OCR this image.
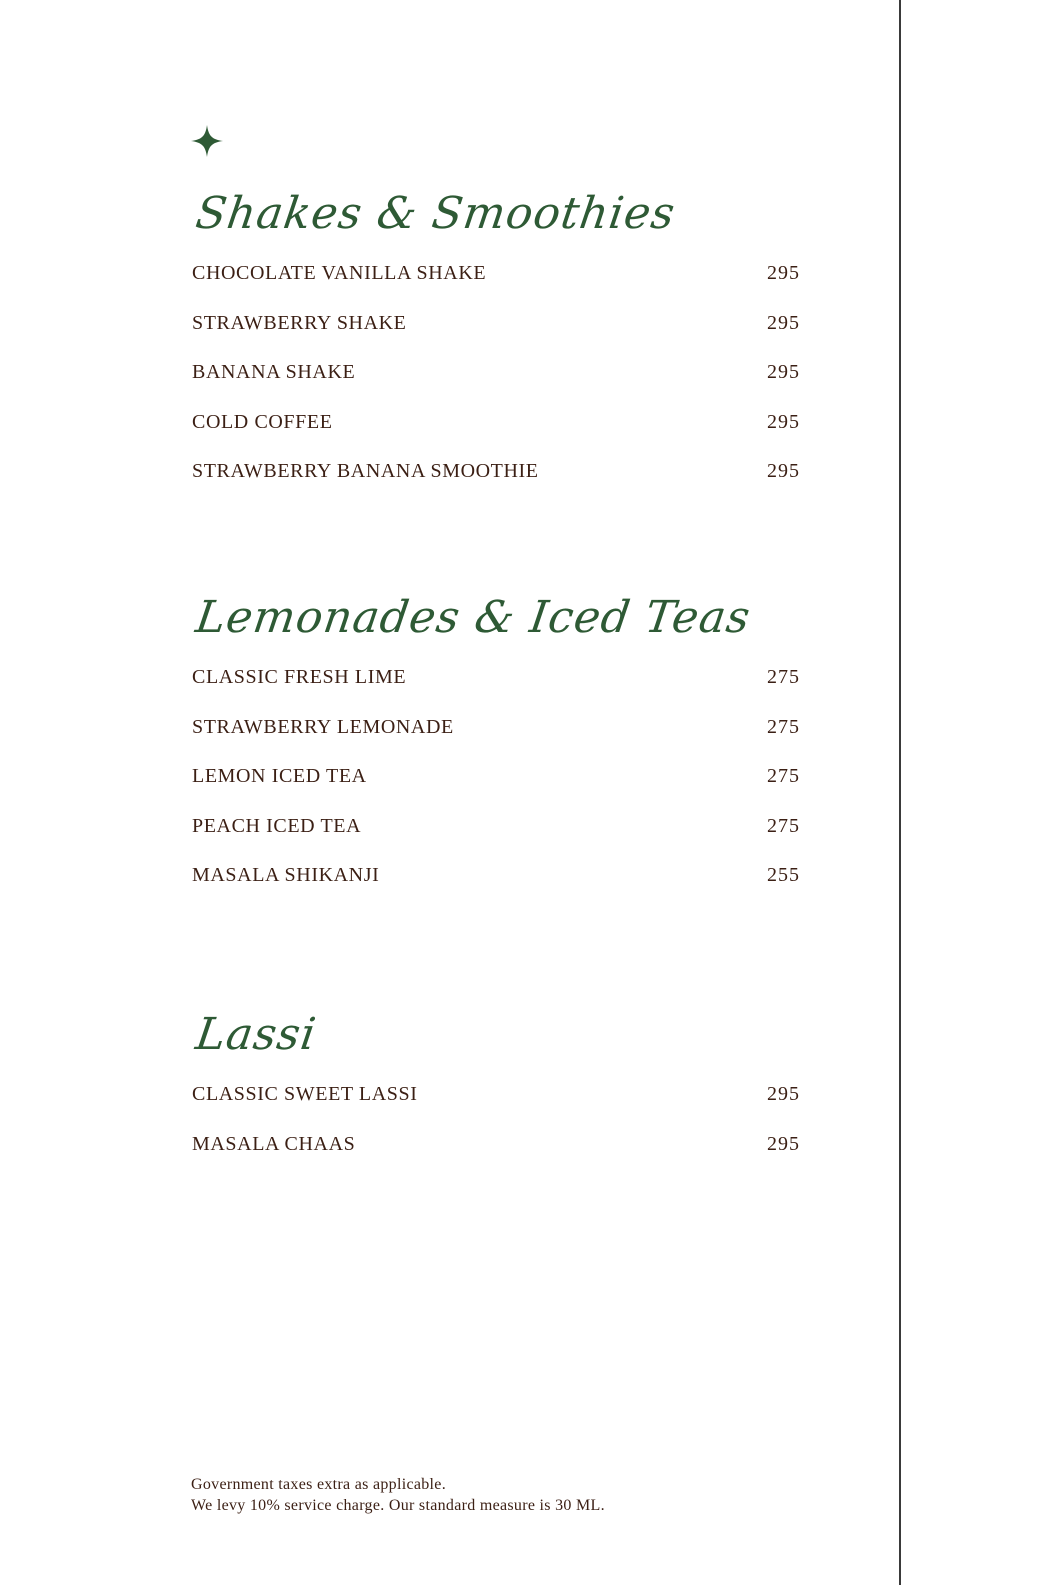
Shakes & Smoothies
CHOCOLATE VANILLA SHAKE	295
STRAWBERRY SHAKE	295
BANANA SHAKE	295
COLD COFFEE	295
STRAWBERRY BANANA SMOOTHIE	295
Lemonades & Iced Teas
CLASSIC FRESH LIME	275
STRAWBERRY LEMONADE	275
LEMON ICED TEA	275
PEACH ICED TEA	275
MASALA SHIKANJI	255
Lassi
CLASSIC SWEET LASSI	295
MASALA CHAAS	295
Government taxes extra as applicable.
We levy 10% service charge. Our standard measure is 30 ML.
